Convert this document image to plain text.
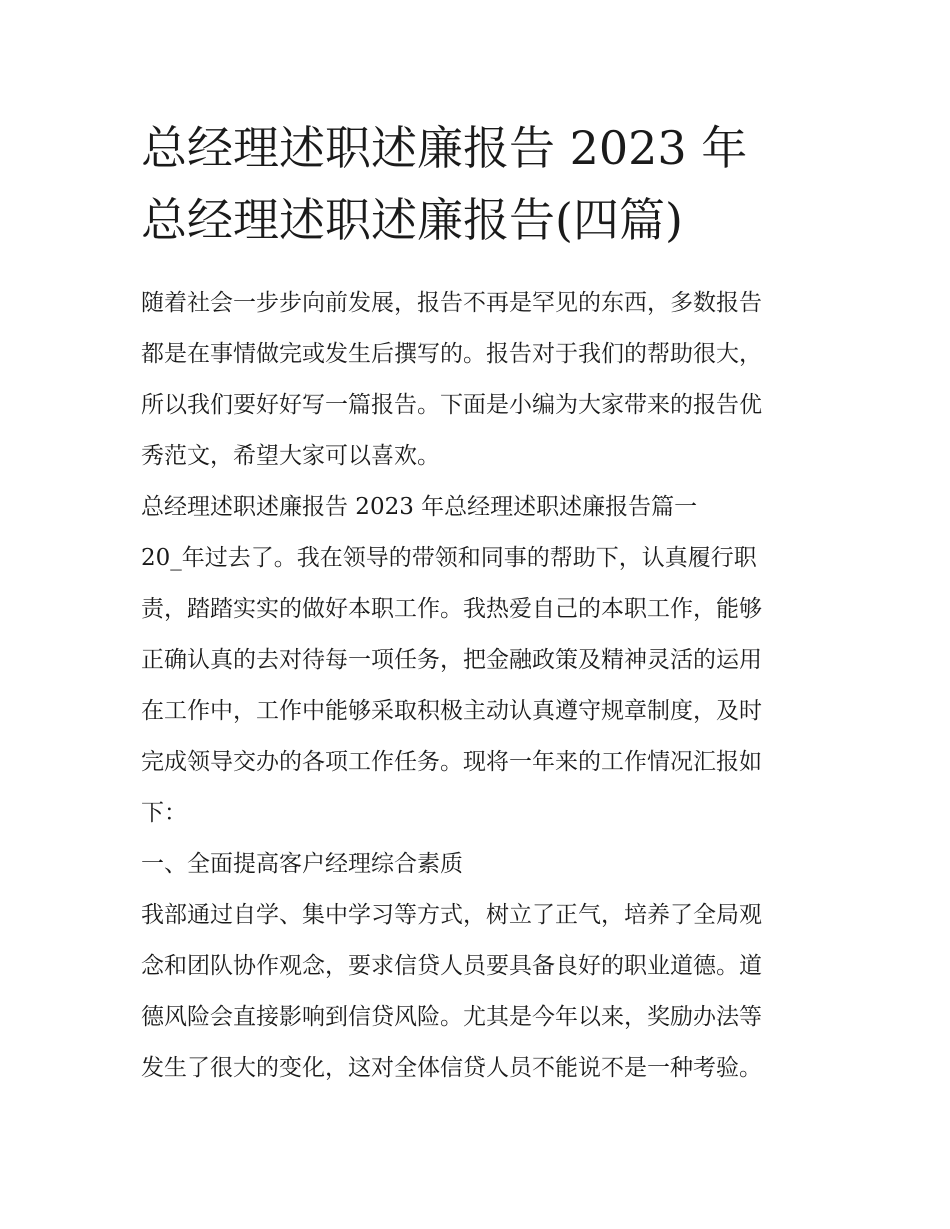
总经理述职述廉报告 2023 年
总经理述职述廉报告(四篇)
随着社会一步步向前发展，报告不再是罕见的东西，多数报告
都是在事情做完或发生后撰写的。报告对于我们的帮助很大，
所以我们要好好写一篇报告。下面是小编为大家带来的报告优
秀范文，希望大家可以喜欢。
总经理述职述廉报告 2023 年总经理述职述廉报告篇一
20_年过去了。我在领导的带领和同事的帮助下，认真履行职
责，踏踏实实的做好本职工作。我热爱自己的本职工作，能够
正确认真的去对待每一项任务，把金融政策及精神灵活的运用
在工作中，工作中能够采取积极主动认真遵守规章制度，及时
完成领导交办的各项工作任务。现将一年来的工作情况汇报如
下：
一、全面提高客户经理综合素质
我部通过自学、集中学习等方式，树立了正气，培养了全局观
念和团队协作观念，要求信贷人员要具备良好的职业道德。道
德风险会直接影响到信贷风险。尤其是今年以来，奖励办法等
发生了很大的变化，这对全体信贷人员不能说不是一种考验。
